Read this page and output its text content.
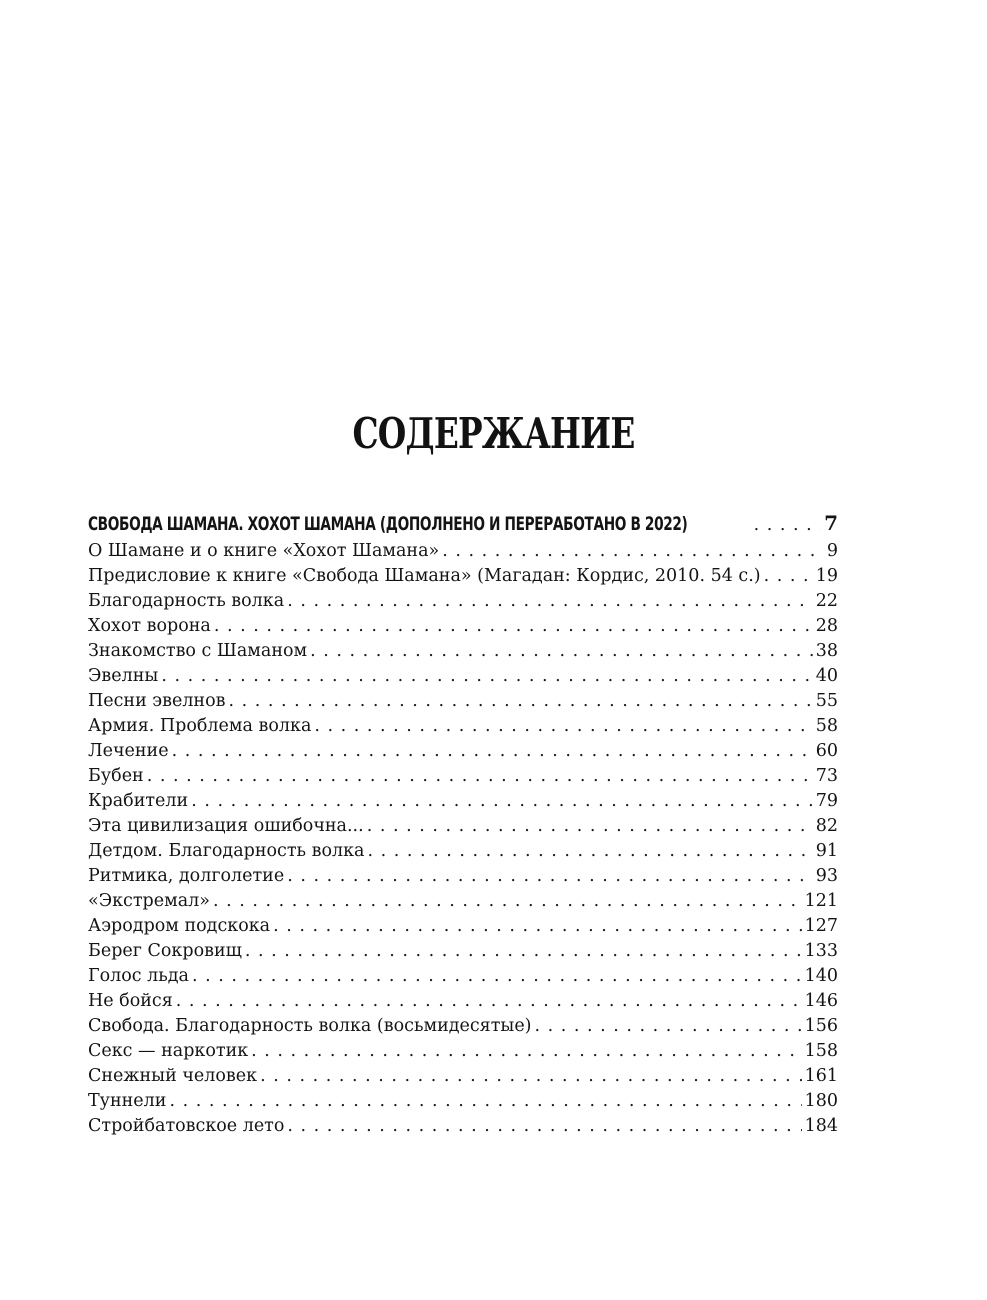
СОДЕРЖАНИЕ
СВОБОДА ШАМАНА. ХОХОТ ШАМАНА (ДОПОЛНЕНО И ПЕРЕРАБОТАНО В 2022) . . .	7
О Шамане и о книге «Хохот Шамана» . . .	9
Предисловие к книге «Свобода Шамана» (Магадан: Кордис, 2010. 54 с.) . . .	19
Благодарность волка . . .	22
Хохот ворона . . .	28
Знакомство с Шаманом . . .	38
Эвелны . . .	40
Песни эвелнов . . .	55
Армия. Проблема волка . . .	58
Лечение . . .	60
Бубен . . .	73
Крабители . . .	79
Эта цивилизация ошибочна... . . .	82
Детдом. Благодарность волка . . .	91
Ритмика, долголетие . . .	93
«Экстремал» . . .	121
Аэродром подскока . . .	127
Берег Сокровищ . . .	133
Голос льда . . .	140
Не бойся . . .	146
Свобода. Благодарность волка (восьмидесятые) . . .	156
Секс — наркотик . . .	158
Снежный человек . . .	161
Туннели . . .	180
Стройбатовское лето . . .	184
